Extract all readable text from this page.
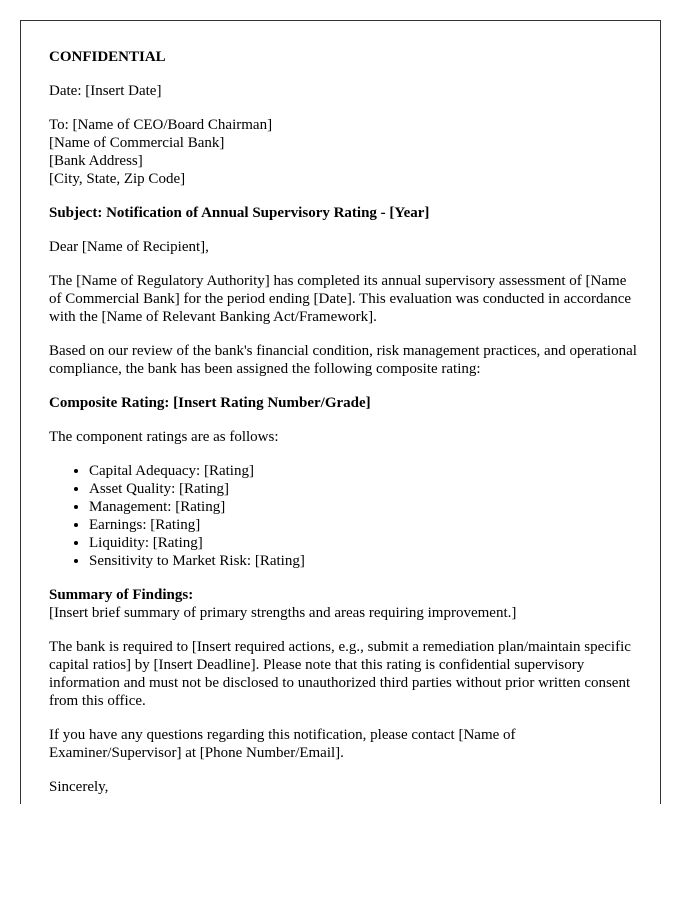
CONFIDENTIAL

Date: [Insert Date]

To: [Name of CEO/Board Chairman]
[Name of Commercial Bank]
[Bank Address]
[City, State, Zip Code]

Subject: Notification of Annual Supervisory Rating - [Year]

Dear [Name of Recipient],

The [Name of Regulatory Authority] has completed its annual supervisory assessment of [Name of Commercial Bank] for the period ending [Date]. This evaluation was conducted in accordance with the [Name of Relevant Banking Act/Framework].

Based on our review of the bank's financial condition, risk management practices, and operational compliance, the bank has been assigned the following composite rating:

Composite Rating: [Insert Rating Number/Grade]

The component ratings are as follows:

• Capital Adequacy: [Rating]
• Asset Quality: [Rating]
• Management: [Rating]
• Earnings: [Rating]
• Liquidity: [Rating]
• Sensitivity to Market Risk: [Rating]

Summary of Findings:
[Insert brief summary of primary strengths and areas requiring improvement.]

The bank is required to [Insert required actions, e.g., submit a remediation plan/maintain specific capital ratios] by [Insert Deadline]. Please note that this rating is confidential supervisory information and must not be disclosed to unauthorized third parties without prior written consent from this office.

If you have any questions regarding this notification, please contact [Name of Examiner/Supervisor] at [Phone Number/Email].

Sincerely,
